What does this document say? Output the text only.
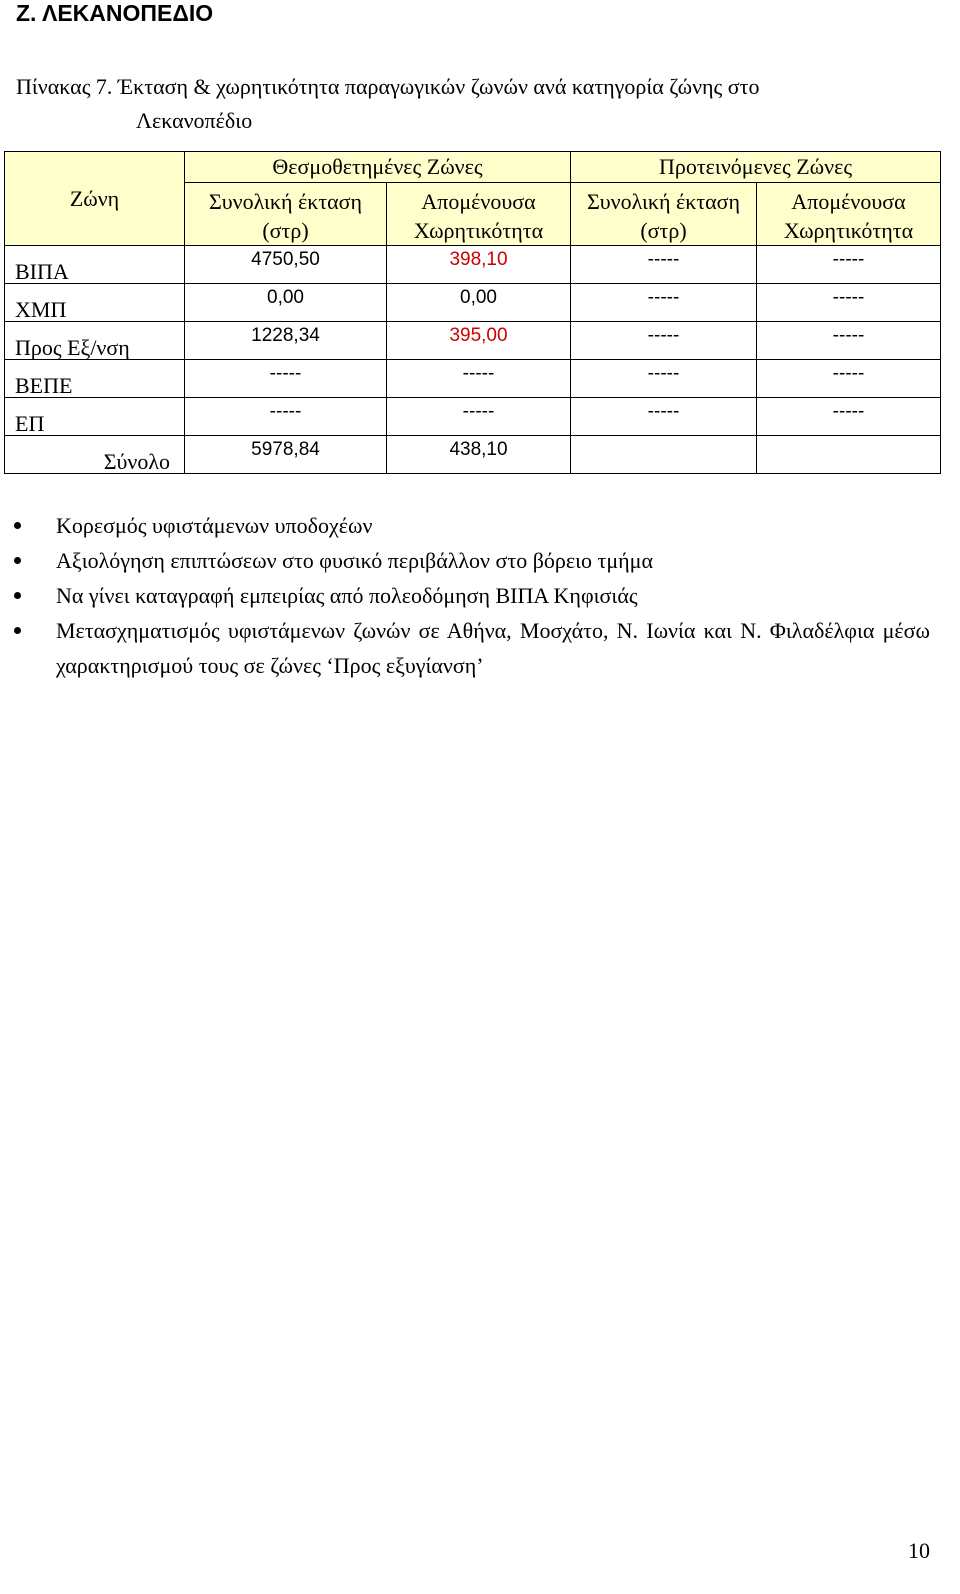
Ζ. ΛΕΚΑΝΟΠΕΔΙΟ
Πίνακας 7. Έκταση & χωρητικότητα παραγωγικών ζωνών ανά κατηγορία ζώνης στο
Λεκανοπέδιο
Ζώνη	Θεσμοθετημένες Ζώνες		Προτεινόμενες Ζώνες	
	Συνολική έκταση (στρ)	Απομένουσα Χωρητικότητα	Συνολική έκταση (στρ)	Απομένουσα Χωρητικότητα
ΒΙΠΑ	4750,50	398,10	-----	-----
ΧΜΠ	0,00	0,00	-----	-----
Προς Εξ/νση	1228,34	395,00	-----	-----
ΒΕΠΕ	-----	-----	-----	-----
ΕΠ	-----	-----	-----	-----
Σύνολο	5978,84	438,10		
Κορεσμός υφιστάμενων υποδοχέων
Αξιολόγηση επιπτώσεων στο φυσικό περιβάλλον στο βόρειο τμήμα
Να γίνει καταγραφή εμπειρίας από πολεοδόμηση ΒΙΠΑ Κηφισιάς
Μετασχηματισμός υφιστάμενων ζωνών σε Αθήνα, Μοσχάτο, Ν. Ιωνία και Ν. Φιλαδέλφια μέσω χαρακτηρισμού τους σε ζώνες ‘Προς εξυγίανση’
10
